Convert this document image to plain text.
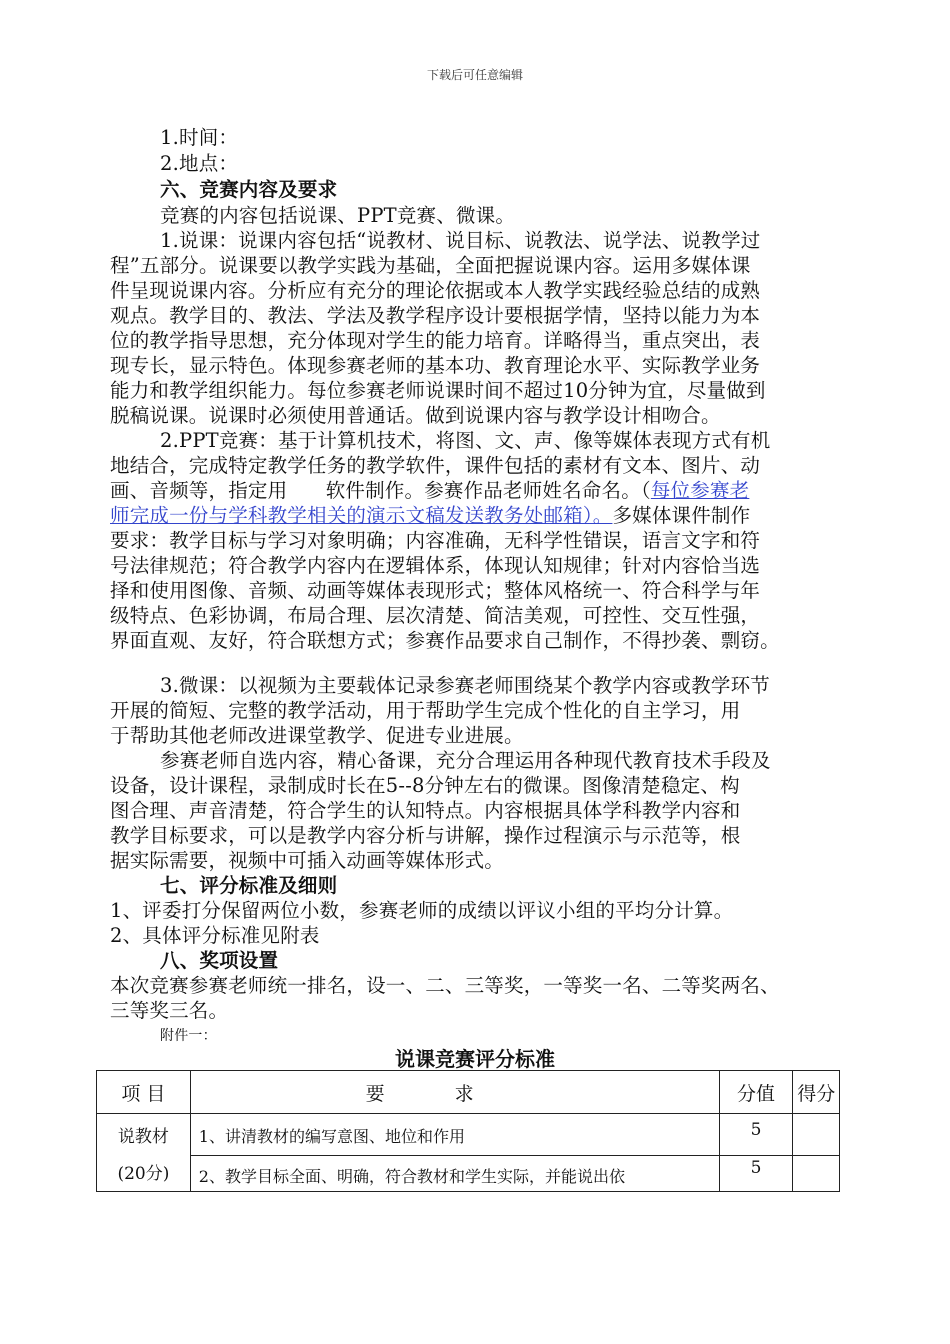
下载后可任意编辑
1.时间：
2.地点：
六、竞赛内容及要求
竞赛的内容包括说课、PPT竞赛、微课。
1.说课：说课内容包括“说教材、说目标、说教法、说学法、说教学过
程”五部分。说课要以教学实践为基础，全面把握说课内容。运用多媒体课
件呈现说课内容。分析应有充分的理论依据或本人教学实践经验总结的成熟
观点。教学目的、教法、学法及教学程序设计要根据学情，坚持以能力为本
位的教学指导思想，充分体现对学生的能力培育。详略得当，重点突出，表
现专长，显示特色。体现参赛老师的基本功、教育理论水平、实际教学业务
能力和教学组织能力。每位参赛老师说课时间不超过10分钟为宜，尽量做到
脱稿说课。说课时必须使用普通话。做到说课内容与教学设计相吻合。
2.PPT竞赛：基于计算机技术，将图、文、声、像等媒体表现方式有机
地结合，完成特定教学任务的教学软件，课件包括的素材有文本、图片、动
画、音频等，指定用      软件制作。参赛作品老师姓名命名。（每位参赛老
师完成一份与学科教学相关的演示文稿发送教务处邮箱）。多媒体课件制作
要求：教学目标与学习对象明确；内容准确，无科学性错误，语言文字和符
号法律规范；符合教学内容内在逻辑体系，体现认知规律；针对内容恰当选
择和使用图像、音频、动画等媒体表现形式；整体风格统一、符合科学与年
级特点、色彩协调，布局合理、层次清楚、简洁美观，可控性、交互性强，
界面直观、友好，符合联想方式；参赛作品要求自己制作，不得抄袭、剽窃。
3.微课：以视频为主要载体记录参赛老师围绕某个教学内容或教学环节
开展的简短、完整的教学活动，用于帮助学生完成个性化的自主学习，用
于帮助其他老师改进课堂教学、促进专业进展。
参赛老师自选内容，精心备课，充分合理运用各种现代教育技术手段及
设备，设计课程，录制成时长在5--8分钟左右的微课。图像清楚稳定、构
图合理、声音清楚，符合学生的认知特点。内容根据具体学科教学内容和
教学目标要求，可以是教学内容分析与讲解，操作过程演示与示范等，根
据实际需要，视频中可插入动画等媒体形式。
七、评分标准及细则
1、评委打分保留两位小数，参赛老师的成绩以评议小组的平均分计算。
2、具体评分标准见附表
八、奖项设置
本次竞赛参赛老师统一排名，设一、二、三等奖，一等奖一名、二等奖两名、
三等奖三名。
附件一：
说课竞赛评分标准
项 目	要求	分值	得分

说教材
(20分)	1、讲清教材的编写意图、地位和作用	5	
	2、教学目标全面、明确，符合教材和学生实际，并能说出依	5	
